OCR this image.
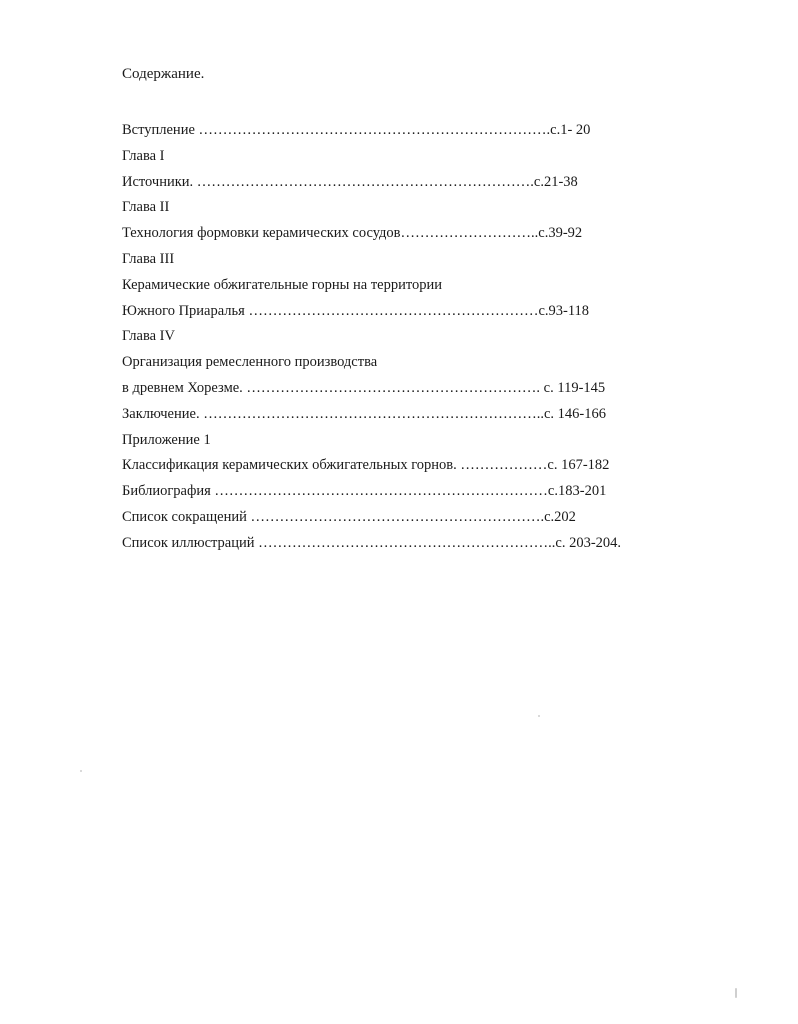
Содержание.
Вступление ……………………………………………………………….с.1- 20
Глава I
Источники. …………………………………………………………….с.21-38
Глава II
Технология формовки керамических сосудов………………………..с.39-92
Глава III
Керамические обжигательные горны на территории
Южного Приаралья ……………………………………………………с.93-118
Глава IV
Организация ремесленного производства
в древнем Хорезме. ……………………………………………………. с. 119-145
Заключение. ……………………………………………………………..с. 146-166
Приложение 1
Классификация керамических обжигательных горнов. ………………с. 167-182
Библиография ……………………………………………………………с.183-201
Список сокращений …………………………………………………….с.202
Список иллюстраций ……………………………………………………..с. 203-204.
